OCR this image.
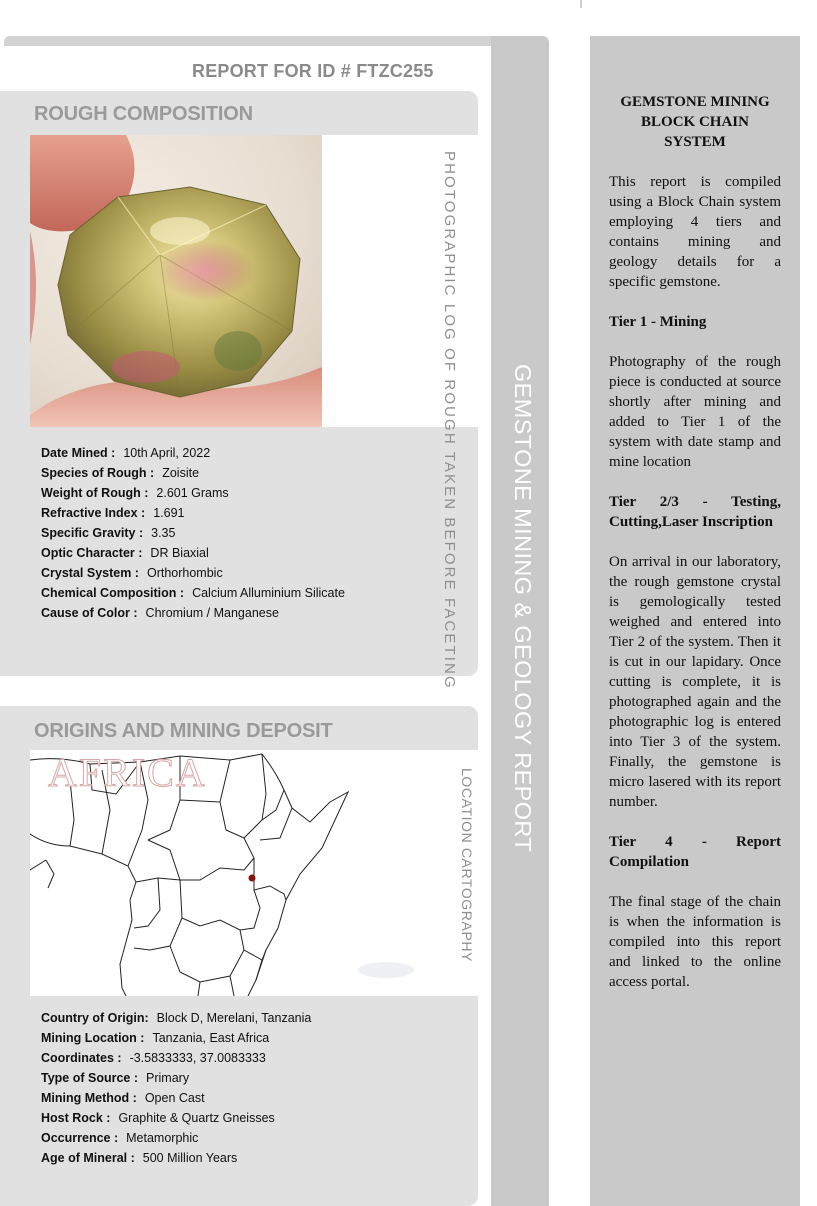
REPORT FOR ID # FTZC255
ROUGH COMPOSITION
PHOTOGRAPHIC LOG OF ROUGH TAKEN BEFORE FACETING
Date Mined : 10th April, 2022
Species of Rough : Zoisite
Weight of Rough : 2.601 Grams
Refractive Index : 1.691
Specific Gravity : 3.35
Optic Character : DR Biaxial
Crystal System : Orthorhombic
Chemical Composition : Calcium Alluminium Silicate
Cause of Color : Chromium / Manganese
ORIGINS AND MINING DEPOSIT
AFRICA	LOCATION CARTOGRAPHY
Country of Origin: Block D, Merelani, Tanzania
Mining Location : Tanzania, East Africa
Coordinates : -3.5833333, 37.0083333
Type of Source : Primary
Mining Method : Open Cast
Host Rock : Graphite & Quartz Gneisses
Occurrence : Metamorphic
Age of Mineral : 500 Million Years
GEMSTONE MINING & GEOLOGY REPORT
GEMSTONE MINING BLOCK CHAIN SYSTEM

This report is compiled using a Block Chain system employing 4 tiers and contains mining and geology details for a specific gemstone.

Tier 1 - Mining

Photography of the rough piece is conducted at source shortly after mining and added to Tier 1 of the system with date stamp and mine location

Tier 2/3 - Testing, Cutting,Laser Inscription

On arrival in our laboratory, the rough gemstone crystal is gemologically tested weighed and entered into Tier 2 of the system. Then it is cut in our lapidary. Once cutting is complete, it is photographed again and the photographic log is entered into Tier 3 of the system. Finally, the gemstone is micro lasered with its report number.

Tier 4 - Report Compilation

The final stage of the chain is when the information is compiled into this report and linked to the online access portal.
